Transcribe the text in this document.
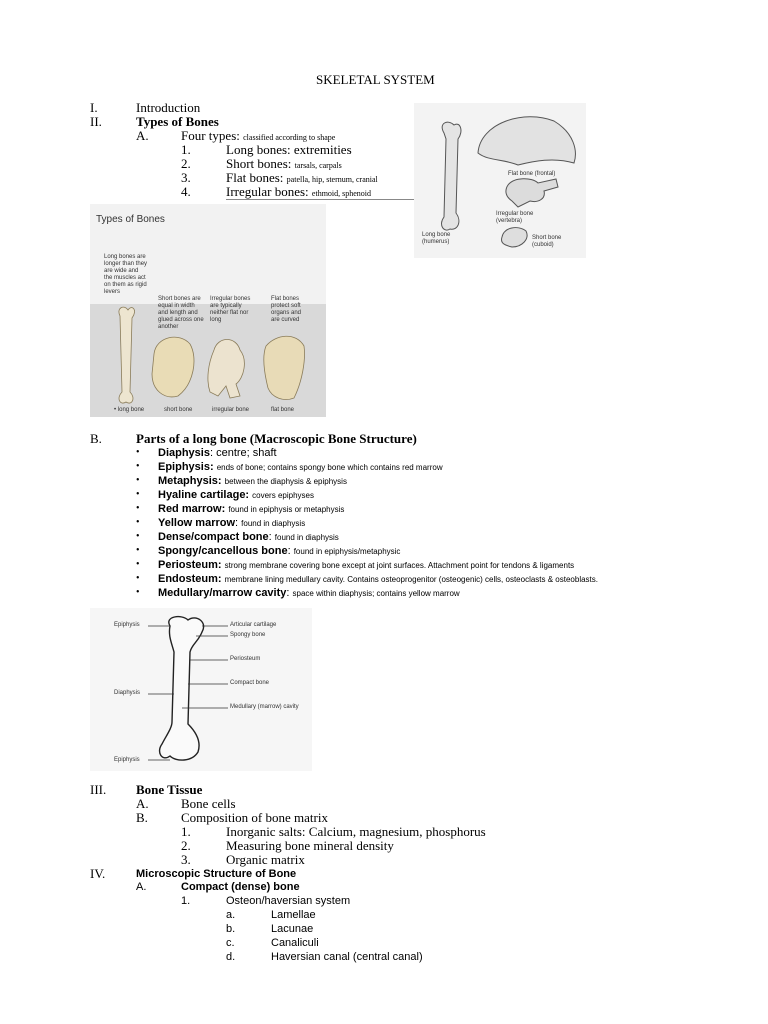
SKELETAL SYSTEM
I.	Introduction
II.	Types of Bones
A. Four types: classified according to shape
1.	Long bones: extremities
2.	Short bones: tarsals, carpals
3.	Flat bones: patella, hip, sternum, cranial
4.	Irregular bones: ethmoid, sphenoid
Flat bone (frontal)
Irregular bone (vertebra)
Long bone (humerus)
Short bone (cuboid)
Types of Bones
Long bones are longer than they are wide and the muscles act on them as rigid levers
Short bones are equal in width and length and glued across one another
Irregular bones are typically neither flat nor long
Flat bones protect soft organs and are curved
• long bone	short bone	irregular bone	flat bone
B.	Parts of a long bone (Macroscopic Bone Structure)
• Diaphysis: centre; shaft
• Epiphysis: ends of bone; contains spongy bone which contains red marrow
• Metaphysis: between the diaphysis & epiphysis
• Hyaline cartilage: covers epiphyses
• Red marrow: found in epiphysis or metaphysis
• Yellow marrow: found in diaphysis
• Dense/compact bone: found in diaphysis
• Spongy/cancellous bone: found in epiphysis/metaphysic
• Periosteum: strong membrane covering bone except at joint surfaces. Attachment point for tendons & ligaments
• Endosteum: membrane lining medullary cavity. Contains osteoprogenitor (osteogenic) cells, osteoclasts & osteoblasts.
• Medullary/marrow cavity: space within diaphysis; contains yellow marrow
Epiphysis
Diaphysis
Epiphysis
Articular cartilage
Spongy bone
Periosteum
Compact bone
Medullary (marrow) cavity
III. Bone Tissue
A. Bone cells
B.	Composition of bone matrix
1.	Inorganic salts: Calcium, magnesium, phosphorus
2.	Measuring bone mineral density
3.	Organic matrix
IV.	Microscopic Structure of Bone
A.	Compact (dense) bone
1.	Osteon/haversian system
a.	Lamellae
b.	Lacunae
c.	Canaliculi
d.	Haversian canal (central canal)
